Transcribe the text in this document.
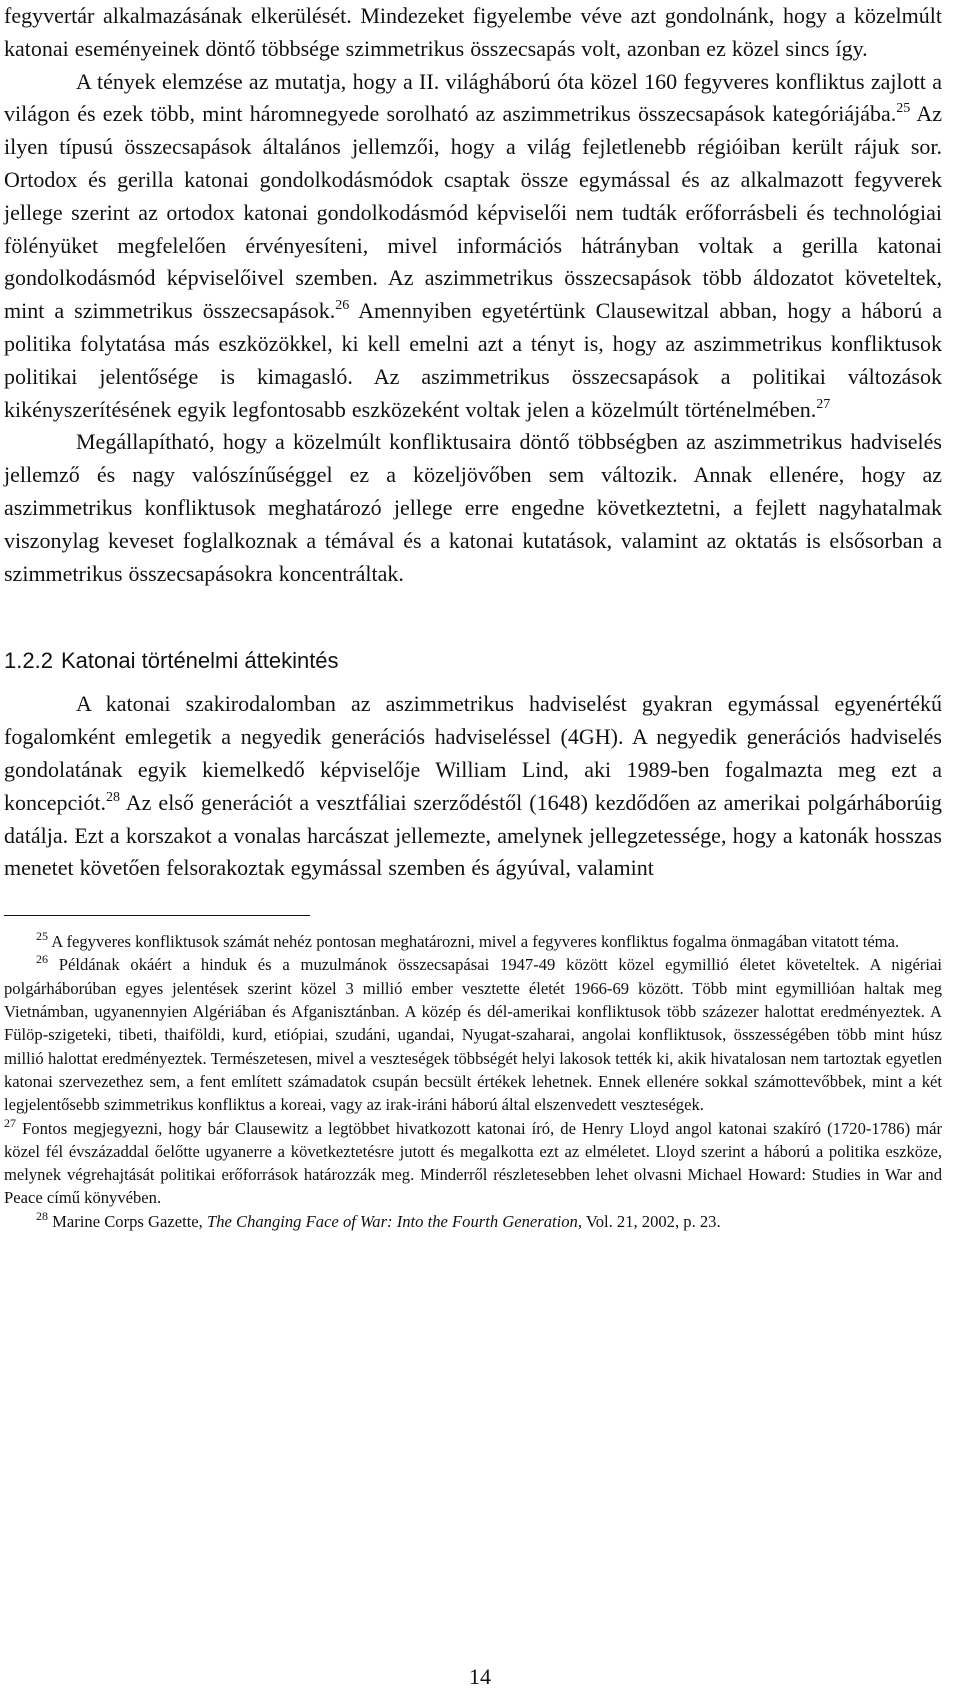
fegyvertár alkalmazásának elkerülését. Mindezeket figyelembe véve azt gondolnánk, hogy a közelmúlt katonai eseményeinek döntő többsége szimmetrikus összecsapás volt, azonban ez közel sincs így.

A tények elemzése az mutatja, hogy a II. világháború óta közel 160 fegyveres konfliktus zajlott a világon és ezek több, mint háromnegyede sorolható az aszimmetrikus összecsapások kategóriájába.$^{25}$ Az ilyen típusú összecsapások általános jellemzői, hogy a világ fejletlenebb régióiban került rájuk sor. Ortodox és gerilla katonai gondolkodásmódok csaptak össze egymással és az alkalmazott fegyverek jellege szerint az ortodox katonai gondolkodásmód képviselői nem tudták erőforrásbeli és technológiai fölényüket megfelelően érvényesíteni, mivel információs hátrányban voltak a gerilla katonai gondolkodásmód képviselőivel szemben. Az aszimmetrikus összecsapások több áldozatot követeltek, mint a szimmetrikus összecsapások.$^{26}$ Amennyiben egyetértünk Clausewitzal abban, hogy a háború a politika folytatása más eszközökkel, ki kell emelni azt a tényt is, hogy az aszimmetrikus konfliktusok politikai jelentősége is kimagasló. Az aszimmetrikus összecsapások a politikai változások kikényszerítésének egyik legfontosabb eszközeként voltak jelen a közelmúlt történelmében.$^{27}$

Megállapítható, hogy a közelmúlt konfliktusaira döntő többségben az aszimmetrikus hadviselés jellemző és nagy valószínűséggel ez a közeljövőben sem változik. Annak ellenére, hogy az aszimmetrikus konfliktusok meghatározó jellege erre engedne következtetni, a fejlett nagyhatalmak viszonylag keveset foglalkoznak a témával és a katonai kutatások, valamint az oktatás is elsősorban a szimmetrikus összecsapásokra koncentráltak.

1.2.2 Katonai történelmi áttekintés

A katonai szakirodalomban az aszimmetrikus hadviselést gyakran egymással egyenértékű fogalomként emlegetik a negyedik generációs hadviseléssel (4GH). A negyedik generációs hadviselés gondolatának egyik kiemelkedő képviselője William Lind, aki 1989-ben fogalmazta meg ezt a koncepciót.$^{28}$ Az első generációt a vesztfáliai szerződéstől (1648) kezdődően az amerikai polgárháborúig datálja. Ezt a korszakot a vonalas harcászat jellemezte, amelynek jellegzetessége, hogy a katonák hosszas menetet követően felsorakoztak egymással szemben és ágyúval, valamint

$^{25}$ A fegyveres konfliktusok számát nehéz pontosan meghatározni, mivel a fegyveres konfliktus fogalma önmagában vitatott téma.

$^{26}$ Példának okáért a hinduk és a muzulmánok összecsapásai 1947-49 között közel egymillió életet követeltek. A nigériai polgárháborúban egyes jelentések szerint közel 3 millió ember vesztette életét 1966-69 között. Több mint egymillióan haltak meg Vietnámban, ugyanennyien Algériában és Afganisztánban. A közép és dél-amerikai konfliktusok több százezer halottat eredményeztek. A Fülöp-szigeteki, tibeti, thaiföldi, kurd, etiópiai, szudáni, ugandai, Nyugat-szaharai, angolai konfliktusok, összességében több mint húsz millió halottat eredményeztek. Természetesen, mivel a veszteségek többségét helyi lakosok tették ki, akik hivatalosan nem tartoztak egyetlen katonai szervezethez sem, a fent említett számadatok csupán becsült értékek lehetnek. Ennek ellenére sokkal számottevőbbek, mint a két legjelentősebb szimmetrikus konfliktus a koreai, vagy az irak-iráni háború által elszenvedett veszteségek.

$^{27}$ Fontos megjegyezni, hogy bár Clausewitz a legtöbbet hivatkozott katonai író, de Henry Lloyd angol katonai szakíró (1720-1786) már közel fél évszázaddal őelőtte ugyanerre a következtetésre jutott és megalkotta ezt az elméletet. Lloyd szerint a háború a politika eszköze, melynek végrehajtását politikai erőforrások határozzák meg. Minderről részletesebben lehet olvasni Michael Howard: Studies in War and Peace című könyvében.

$^{28}$ Marine Corps Gazette, The Changing Face of War: Into the Fourth Generation, Vol. 21, 2002, p. 23.

14
